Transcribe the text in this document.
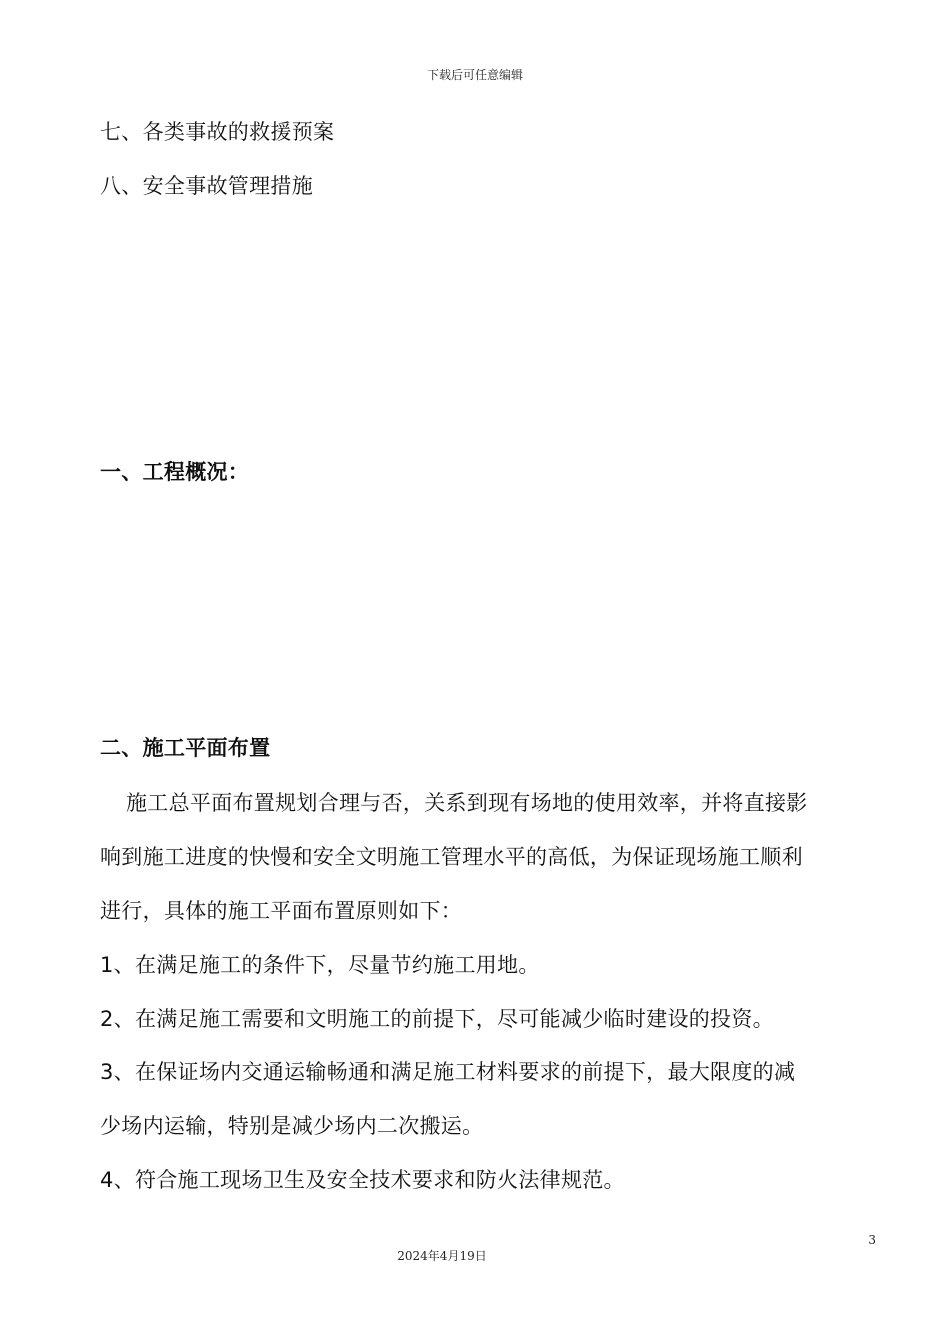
下载后可任意编辑
七、各类事故的救援预案
八、安全事故管理措施
一、工程概况：
二、施工平面布置
施工总平面布置规划合理与否，关系到现有场地的使用效率，并将直接影
响到施工进度的快慢和安全文明施工管理水平的高低，为保证现场施工顺利
进行，具体的施工平面布置原则如下：
1、在满足施工的条件下，尽量节约施工用地。
2、在满足施工需要和文明施工的前提下，尽可能减少临时建设的投资。
3、在保证场内交通运输畅通和满足施工材料要求的前提下，最大限度的减
少场内运输，特别是减少场内二次搬运。
4、符合施工现场卫生及安全技术要求和防火法律规范。
3
2024年4月19日
